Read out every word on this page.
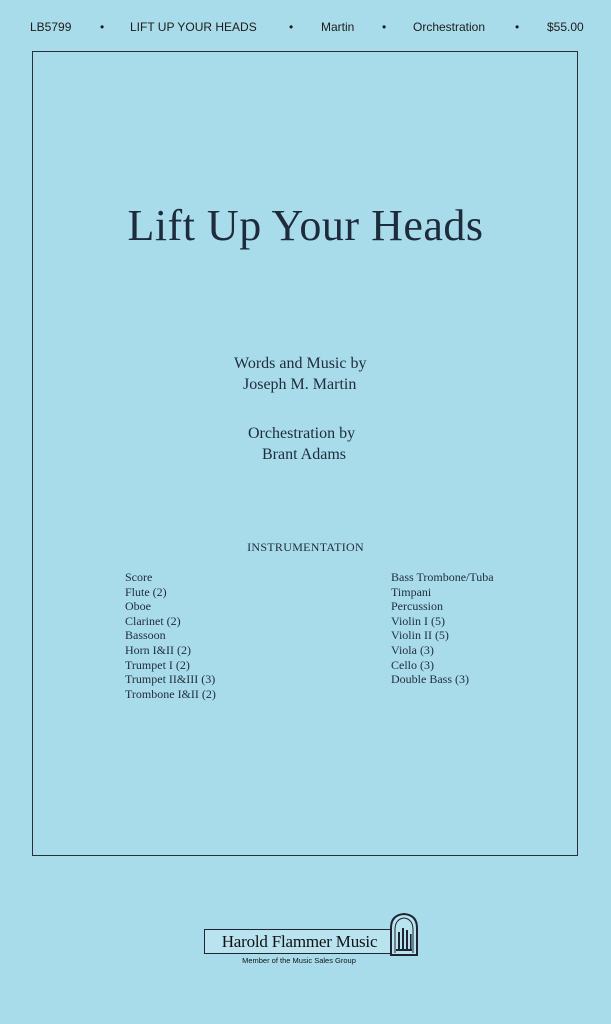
LB5799 • LIFT UP YOUR HEADS	• Martin • Orchestration • $55.00
Lift Up Your Heads
Words and Music by
Joseph M. Martin
Orchestration by
Brant Adams
INSTRUMENTATION
Score
Flute (2)
Oboe
Clarinet (2)
Bassoon
Horn I&II (2)
Trumpet I (2)
Trumpet II&III (3)
Trombone I&II (2)
Bass Trombone/Tuba
Timpani
Percussion
Violin I (5)
Violin II (5)
Viola (3)
Cello (3)
Double Bass (3)
Harold Flammer Music
Member of the Music Sales Group
